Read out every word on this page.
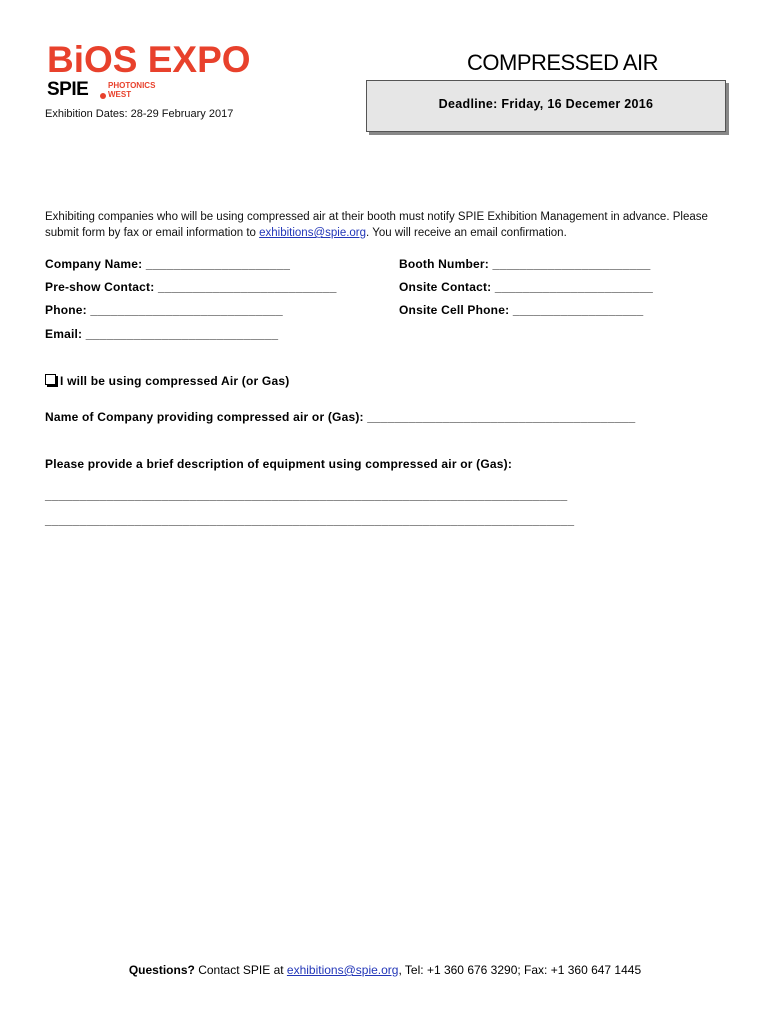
BiOS EXPO
SPIE PHOTONICS
WEST
Exhibition Dates: 28-29 February 2017
COMPRESSED AIR
Deadline: Friday, 16 Decemer 2016
Exhibiting companies who will be using compressed air at their booth must notify SPIE Exhibition Management in advance. Please submit form by fax or email information to exhibitions@spie.org. You will receive an email confirmation.
Company Name: _____________________	Booth Number: _______________________
Pre-show Contact: __________________________	Onsite Contact: _______________________
Phone: ____________________________	Onsite Cell Phone: ___________________
Email: ____________________________
I will be using compressed Air (or Gas)
Name of Company providing compressed air or (Gas): _______________________________________
Please provide a brief description of equipment using compressed air or (Gas):
____________________________________________________________________________
_____________________________________________________________________________
Questions? Contact SPIE at exhibitions@spie.org, Tel: +1 360 676 3290; Fax: +1 360 647 1445
